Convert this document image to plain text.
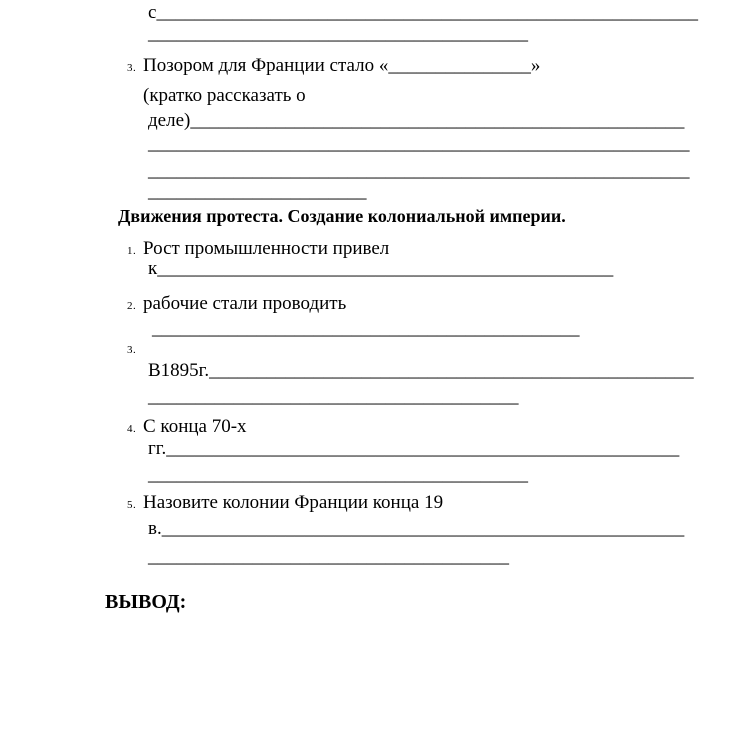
с_________________________________________________________
________________________________________
3. Позором для Франции стало «_______________»
(кратко рассказать о
деле)____________________________________________________
_________________________________________________________
_________________________________________________________
_______________________
Движения протеста. Создание колониальной империи.
1. Рост промышленности привел
к________________________________________________
2. рабочие стали проводить
_____________________________________________
3.
В1895г.___________________________________________________
_______________________________________
4. С конца 70-х
гг.______________________________________________________
________________________________________
5. Назовите колонии Франции конца 19
в._______________________________________________________
______________________________________
ВЫВОД:
